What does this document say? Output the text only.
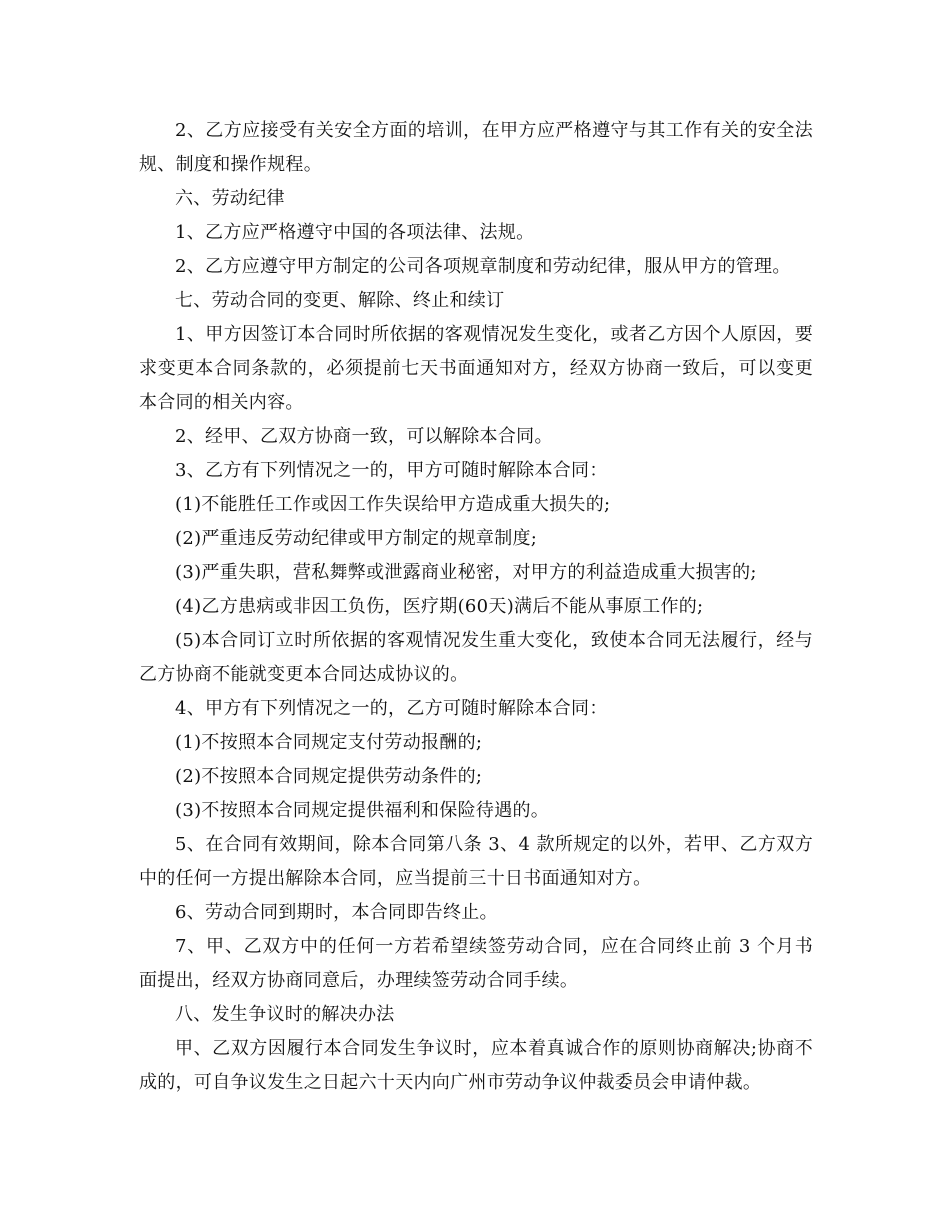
2、乙方应接受有关安全方面的培训，在甲方应严格遵守与其工作有关的安全法规、制度和操作规程。

六、劳动纪律

1、乙方应严格遵守中国的各项法律、法规。

2、乙方应遵守甲方制定的公司各项规章制度和劳动纪律，服从甲方的管理。

七、劳动合同的变更、解除、终止和续订

1、甲方因签订本合同时所依据的客观情况发生变化，或者乙方因个人原因，要求变更本合同条款的，必须提前七天书面通知对方，经双方协商一致后，可以变更本合同的相关内容。

2、经甲、乙双方协商一致，可以解除本合同。

3、乙方有下列情况之一的，甲方可随时解除本合同：

(1)不能胜任工作或因工作失误给甲方造成重大损失的;

(2)严重违反劳动纪律或甲方制定的规章制度;

(3)严重失职，营私舞弊或泄露商业秘密，对甲方的利益造成重大损害的;

(4)乙方患病或非因工负伤，医疗期(60天)满后不能从事原工作的;

(5)本合同订立时所依据的客观情况发生重大变化，致使本合同无法履行，经与乙方协商不能就变更本合同达成协议的。

4、甲方有下列情况之一的，乙方可随时解除本合同：

(1)不按照本合同规定支付劳动报酬的;

(2)不按照本合同规定提供劳动条件的;

(3)不按照本合同规定提供福利和保险待遇的。

5、在合同有效期间，除本合同第八条 3、4 款所规定的以外，若甲、乙方双方中的任何一方提出解除本合同，应当提前三十日书面通知对方。

6、劳动合同到期时，本合同即告终止。

7、甲、乙双方中的任何一方若希望续签劳动合同，应在合同终止前 3 个月书面提出，经双方协商同意后，办理续签劳动合同手续。

八、发生争议时的解决办法

甲、乙双方因履行本合同发生争议时，应本着真诚合作的原则协商解决;协商不成的，可自争议发生之日起六十天内向广州市劳动争议仲裁委员会申请仲裁。
